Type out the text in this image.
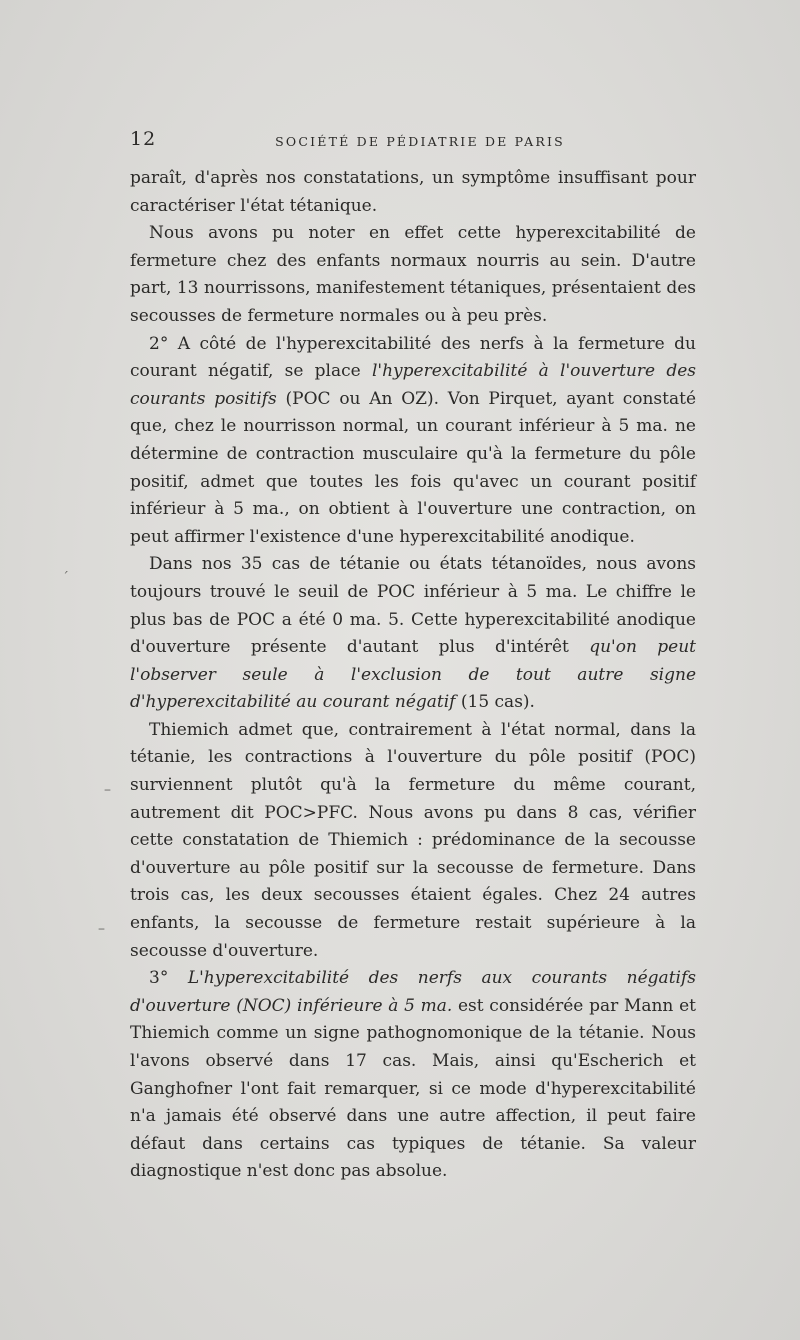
12	SOCIÉTÉ DE PÉDIATRIE DE PARIS

paraît, d'après nos constatations, un symptôme insuffisant pour caractériser l'état tétanique.

Nous avons pu noter en effet cette hyperexcitabilité de fermeture chez des enfants normaux nourris au sein. D'autre part, 13 nourrissons, manifestement tétaniques, présentaient des secousses de fermeture normales ou à peu près.

2° A côté de l'hyperexcitabilité des nerfs à la fermeture du courant négatif, se place l'hyperexcitabilité à l'ouverture des courants positifs (POC ou An OZ). Von Pirquet, ayant constaté que, chez le nourrisson normal, un courant inférieur à 5 ma. ne détermine de contraction musculaire qu'à la fermeture du pôle positif, admet que toutes les fois qu'avec un courant positif inférieur à 5 ma., on obtient à l'ouverture une contraction, on peut affirmer l'existence d'une hyperexcitabilité anodique.

Dans nos 35 cas de tétanie ou états tétanoïdes, nous avons toujours trouvé le seuil de POC inférieur à 5 ma. Le chiffre le plus bas de POC a été 0 ma. 5. Cette hyperexcitabilité anodique d'ouverture présente d'autant plus d'intérêt qu'on peut l'observer seule à l'exclusion de tout autre signe d'hyperexcitabilité au courant négatif (15 cas).

Thiemich admet que, contrairement à l'état normal, dans la tétanie, les contractions à l'ouverture du pôle positif (POC) surviennent plutôt qu'à la fermeture du même courant, autrement dit POC>PFC. Nous avons pu dans 8 cas, vérifier cette constatation de Thiemich : prédominance de la secousse d'ouverture au pôle positif sur la secousse de fermeture. Dans trois cas, les deux secousses étaient égales. Chez 24 autres enfants, la secousse de fermeture restait supérieure à la secousse d'ouverture.

3° L'hyperexcitabilité des nerfs aux courants négatifs d'ouverture (NOC) inférieure à 5 ma. est considérée par Mann et Thiemich comme un signe pathognomonique de la tétanie. Nous l'avons observé dans 17 cas. Mais, ainsi qu'Escherich et Ganghofner l'ont fait remarquer, si ce mode d'hyperexcitabilité n'a jamais été observé dans une autre affection, il peut faire défaut dans certains cas typiques de tétanie. Sa valeur diagnostique n'est donc pas absolue.

´
–
–
